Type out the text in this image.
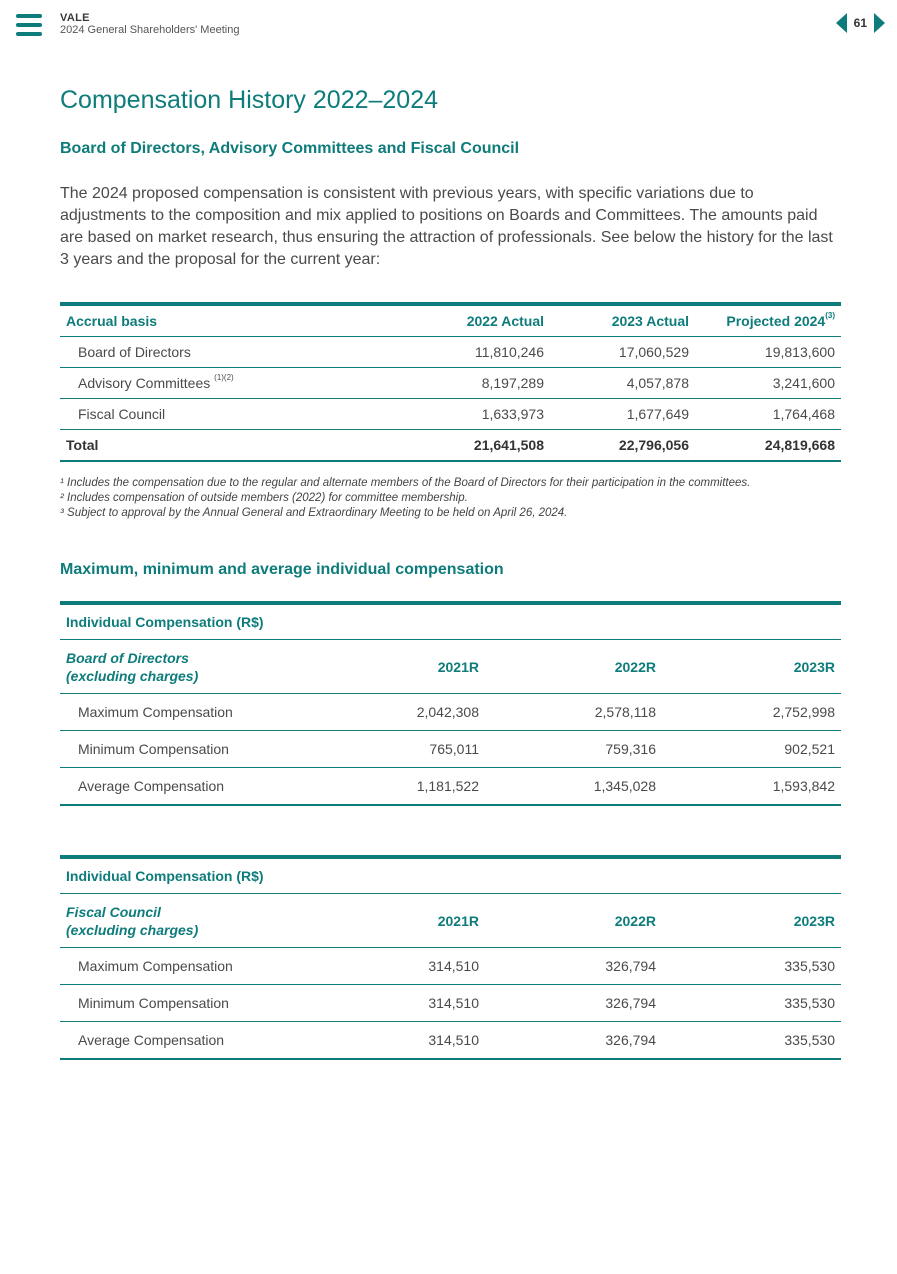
VALE
2024 General Shareholders' Meeting	61
Compensation History 2022–2024
Board of Directors, Advisory Committees and Fiscal Council
The 2024 proposed compensation is consistent with previous years, with specific variations due to adjustments to the composition and mix applied to positions on Boards and Committees. The amounts paid are based on market research, thus ensuring the attraction of professionals. See below the history for the last 3 years and the proposal for the current year:
Accrual basis	2022 Actual	2023 Actual	Projected 2024$^{(3)}$
Board of Directors	11,810,246	17,060,529	19,813,600
Advisory Committees $^{(1)(2)}$	8,197,289	4,057,878	3,241,600
Fiscal Council	1,633,973	1,677,649	1,764,468
Total	21,641,508	22,796,056	24,819,668
¹ Includes the compensation due to the regular and alternate members of the Board of Directors for their participation in the committees.
² Includes compensation of outside members (2022) for committee membership.
³ Subject to approval by the Annual General and Extraordinary Meeting to be held on April 26, 2024.
Maximum, minimum and average individual compensation
Individual Compensation (R$)			
Board of Directors
(excluding charges)	2021R	2022R	2023R
Maximum Compensation	2,042,308	2,578,118	2,752,998
Minimum Compensation	765,011	759,316	902,521
Average Compensation	1,181,522	1,345,028	1,593,842
Individual Compensation (R$)			
Fiscal Council
(excluding charges)	2021R	2022R	2023R
Maximum Compensation	314,510	326,794	335,530
Minimum Compensation	314,510	326,794	335,530
Average Compensation	314,510	326,794	335,530
